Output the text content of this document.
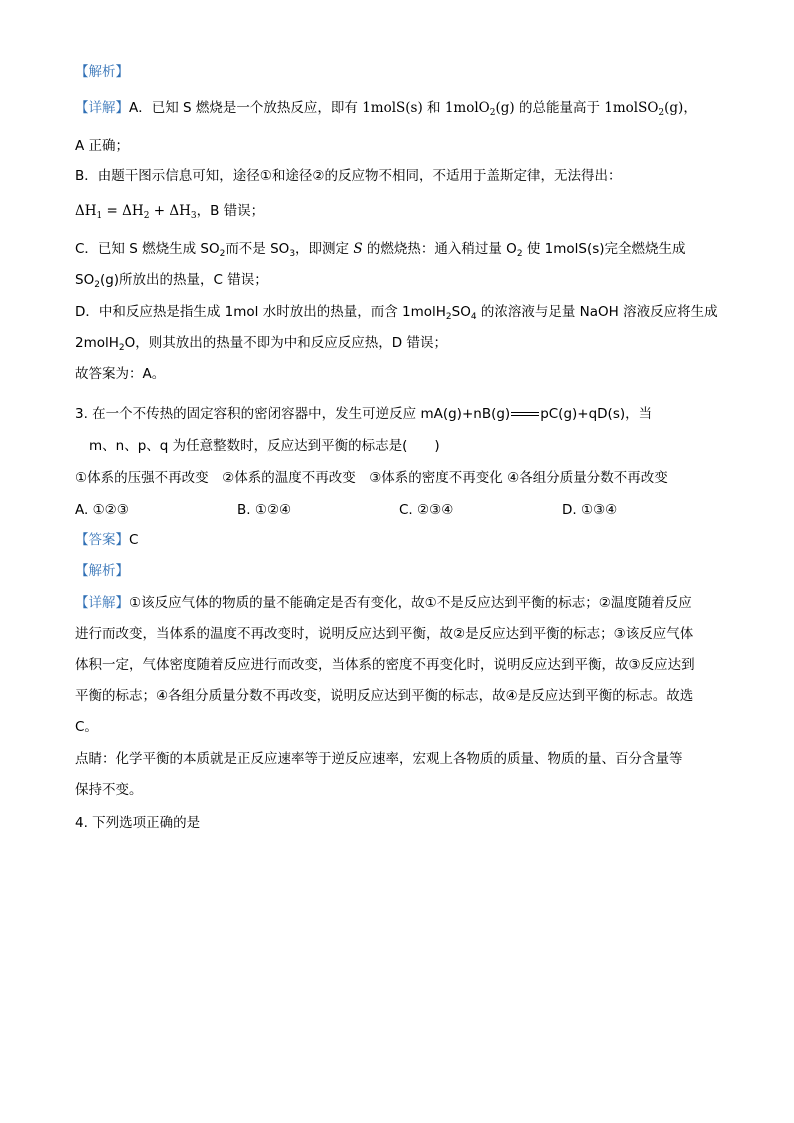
【解析】
【详解】A．已知 S 燃烧是一个放热反应，即有 1molS(s) 和 1molO$_2$(g) 的总能量高于 1molSO$_2$(g)，
A 正确；
B．由题干图示信息可知，途径①和途径②的反应物不相同，不适用于盖斯定律，无法得出：
$\Delta H_1 = \Delta H_2 + \Delta H_3$，B 错误；
C．已知 S 燃烧生成 $SO_2$而不是 $SO_3$，即测定 S 的燃烧热：通入稍过量 $O_2$ 使 1molS(s)完全燃烧生成
$SO_2(g)$所放出的热量，C 错误；
D．中和反应热是指生成 1mol 水时放出的热量，而含 $1molH_2SO_4$ 的浓溶液与足量 NaOH 溶液反应将生成
2molH$_2$O，则其放出的热量不即为中和反应反应热，D 错误；
故答案为：A。
3. 在一个不传热的固定容积的密闭容器中，发生可逆反应 mA(g)+nB(g) pC(g)+qD(s)，当
m、n、p、q 为任意整数时，反应达到平衡的标志是(　　)
①体系的压强不再改变　②体系的温度不再改变　③体系的密度不再变化 ④各组分质量分数不再改变
A. ①②③	B. ①②④	C. ②③④	D. ①③④
【答案】C
【解析】
【详解】①该反应气体的物质的量不能确定是否有变化，故①不是反应达到平衡的标志；②温度随着反应
进行而改变，当体系的温度不再改变时，说明反应达到平衡，故②是反应达到平衡的标志；③该反应气体
体积一定，气体密度随着反应进行而改变，当体系的密度不再变化时，说明反应达到平衡，故③反应达到
平衡的标志；④各组分质量分数不再改变，说明反应达到平衡的标志，故④是反应达到平衡的标志。故选
C。
点睛：化学平衡的本质就是正反应速率等于逆反应速率，宏观上各物质的质量、物质的量、百分含量等
保持不变。
4. 下列选项正确的是
